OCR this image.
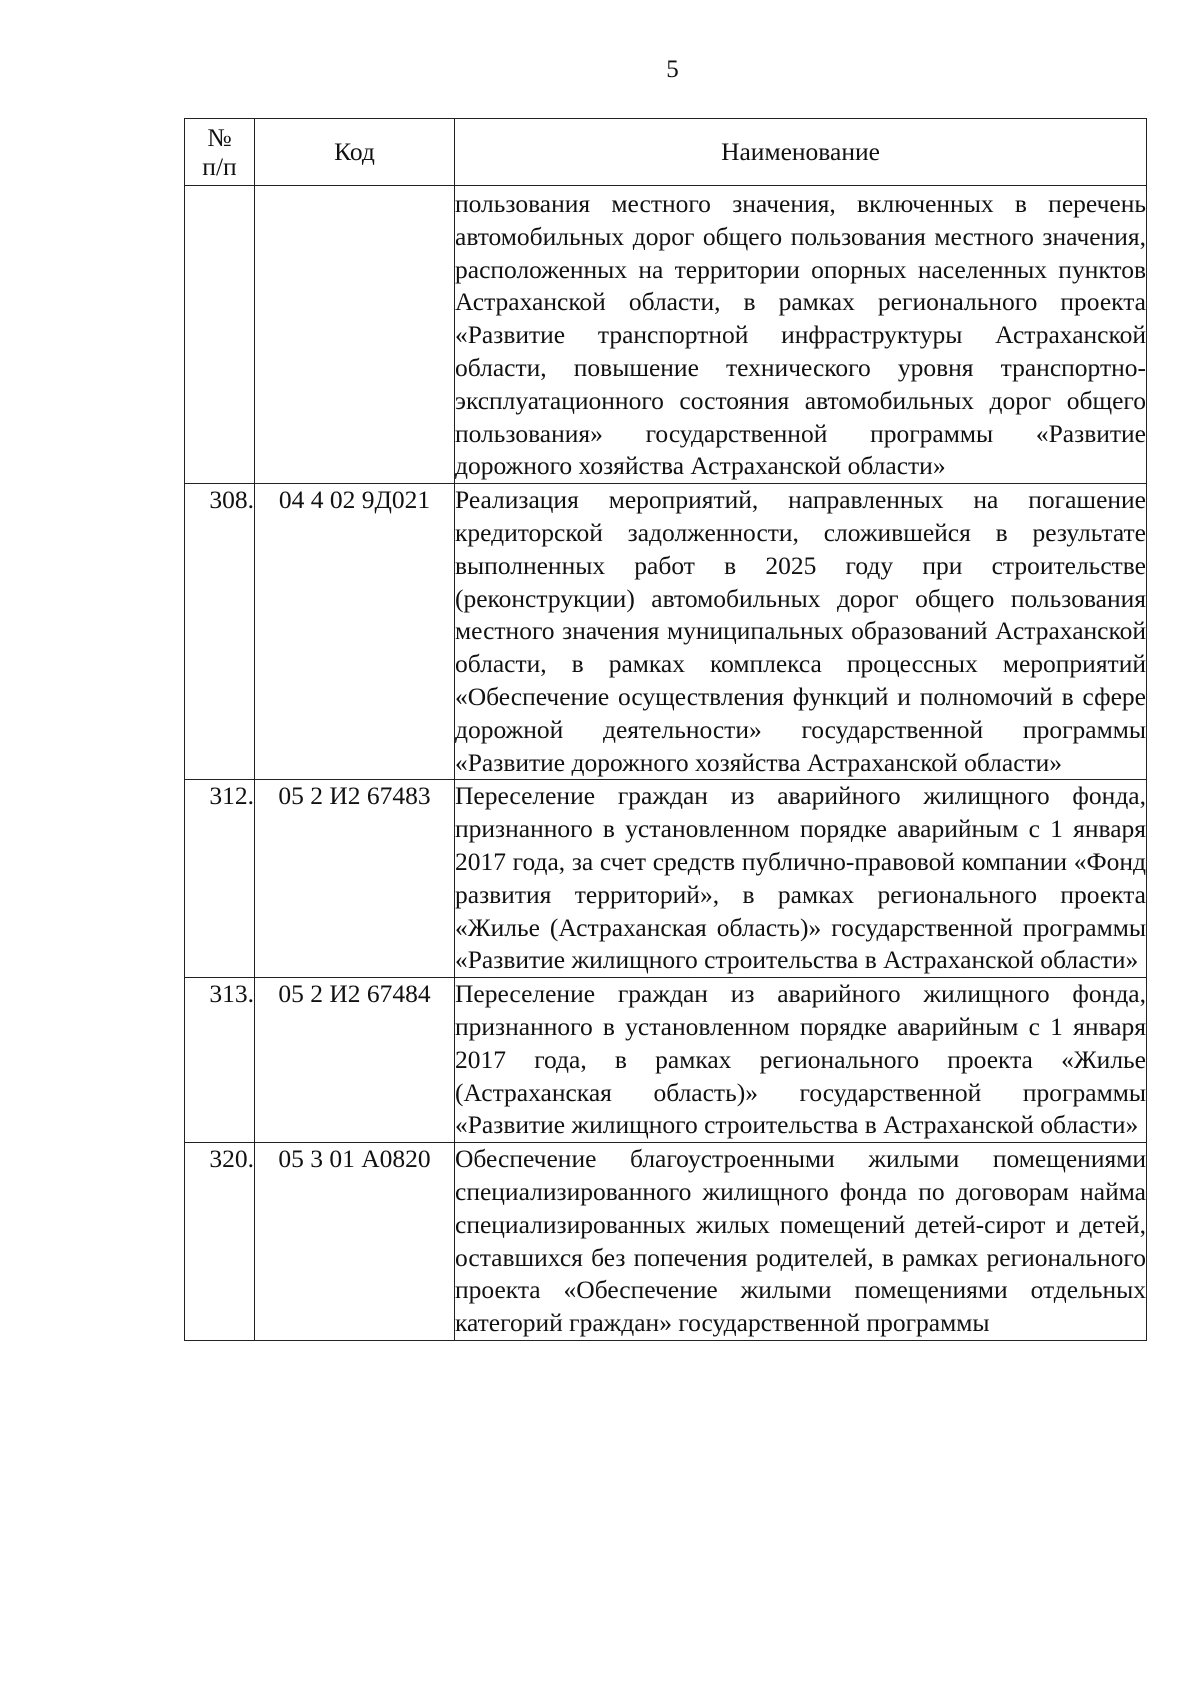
5
№
п/п	Код	Наименование
		пользования местного значения, включенных в перечень автомобильных дорог общего пользования местного значения, расположенных на территории опорных населенных пунктов Астраханской области, в рамках регионального проекта «Развитие транспортной инфраструктуры Астраханской области, повышение технического уровня транспортно-эксплуатационного состояния автомобильных дорог общего пользования» государственной программы «Развитие дорожного хозяйства Астраханской области»
308.	04 4 02 9Д021	Реализация мероприятий, направленных на погашение кредиторской задолженности, сложившейся в результате выполненных работ в 2025 году при строительстве (реконструкции) автомобильных дорог общего пользования местного значения муниципальных образований Астраханской области, в рамках комплекса процессных мероприятий «Обеспечение осуществления функций и полномочий в сфере дорожной деятельности» государственной программы «Развитие дорожного хозяйства Астраханской области»
312.	05 2 И2 67483	Переселение граждан из аварийного жилищного фонда, признанного в установленном порядке аварийным с 1 января 2017 года, за счет средств публично-правовой компании «Фонд развития территорий», в рамках регионального проекта «Жилье (Астраханская область)» государственной программы «Развитие жилищного строительства в Астраханской области»
313.	05 2 И2 67484	Переселение граждан из аварийного жилищного фонда, признанного в установленном порядке аварийным с 1 января 2017 года, в рамках регионального проекта «Жилье (Астраханская область)» государственной программы «Развитие жилищного строительства в Астраханской области»
320.	05 3 01 А0820	Обеспечение благоустроенными жилыми помещениями специализированного жилищного фонда по договорам найма специализированных жилых помещений детей-сирот и детей, оставшихся без попечения родителей, в рамках регионального проекта «Обеспечение жилыми помещениями отдельных категорий граждан» государственной программы
